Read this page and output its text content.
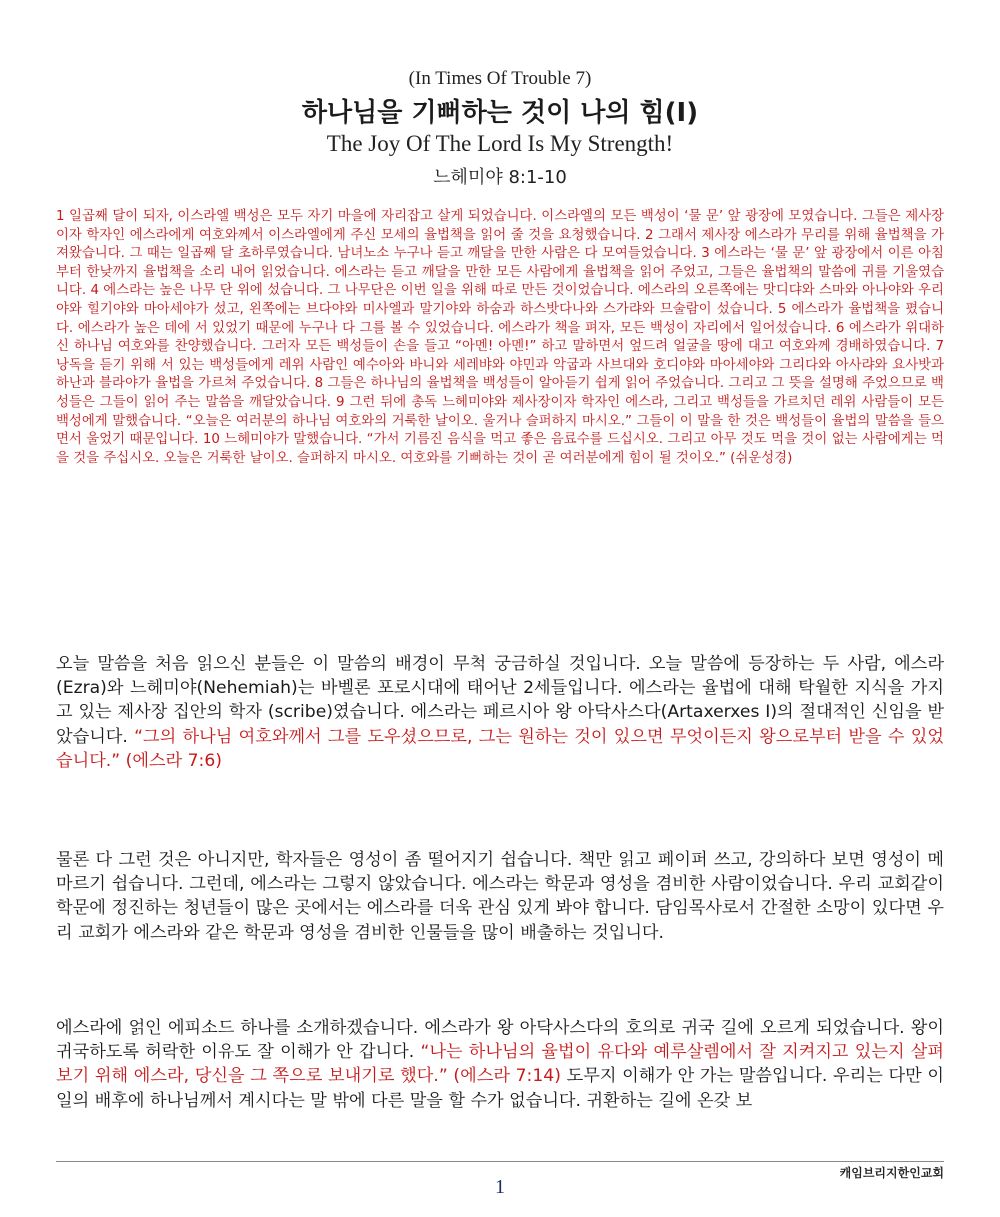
(In Times Of Trouble 7)
하나님을 기뻐하는 것이 나의 힘(I)
The Joy Of The Lord Is My Strength!
느헤미야 8:1-10
1 일곱째 달이 되자, 이스라엘 백성은 모두 자기 마을에 자리잡고 살게 되었습니다. 이스라엘의 모든 백성이 ‘물 문’ 앞 광장에 모였습니다. 그들은 제사장이자 학자인 에스라에게 여호와께서 이스라엘에게 주신 모세의 율법책을 읽어 줄 것을 요청했습니다. 2 그래서 제사장 에스라가 무리를 위해 율법책을 가져왔습니다. 그 때는 일곱째 달 초하루였습니다. 남녀노소 누구나 듣고 깨달을 만한 사람은 다 모여들었습니다. 3 에스라는 ‘물 문’ 앞 광장에서 이른 아침부터 한낮까지 율법책을 소리 내어 읽었습니다. 에스라는 듣고 깨달을 만한 모든 사람에게 율법책을 읽어 주었고, 그들은 율법책의 말씀에 귀를 기울였습니다. 4 에스라는 높은 나무 단 위에 섰습니다. 그 나무단은 이번 일을 위해 따로 만든 것이었습니다. 에스라의 오른쪽에는 맛디댜와 스마와 아나야와 우리야와 힐기야와 마아세야가 섰고, 왼쪽에는 브다야와 미사엘과 말기야와 하숨과 하스밧다나와 스가랴와 므술람이 섰습니다. 5 에스라가 율법책을 폈습니다. 에스라가 높은 데에 서 있었기 때문에 누구나 다 그를 볼 수 있었습니다. 에스라가 책을 펴자, 모든 백성이 자리에서 일어섰습니다. 6 에스라가 위대하신 하나님 여호와를 찬양했습니다. 그러자 모든 백성들이 손을 들고 “아멘! 아멘!” 하고 말하면서 엎드려 얼굴을 땅에 대고 여호와께 경배하였습니다. 7 낭독을 듣기 위해 서 있는 백성들에게 레위 사람인 예수아와 바니와 세레뱌와 야민과 악굽과 사브대와 호디야와 마아세야와 그리다와 아사랴와 요사밧과 하난과 블라야가 율법을 가르쳐 주었습니다. 8 그들은 하나님의 율법책을 백성들이 알아듣기 쉽게 읽어 주었습니다. 그리고 그 뜻을 설명해 주었으므로 백성들은 그들이 읽어 주는 말씀을 깨달았습니다. 9 그런 뒤에 총독 느헤미야와 제사장이자 학자인 에스라, 그리고 백성들을 가르치던 레위 사람들이 모든 백성에게 말했습니다. “오늘은 여러분의 하나님 여호와의 거룩한 날이오. 울거나 슬퍼하지 마시오.” 그들이 이 말을 한 것은 백성들이 율법의 말씀을 들으면서 울었기 때문입니다. 10 느헤미야가 말했습니다. “가서 기름진 음식을 먹고 좋은 음료수를 드십시오. 그리고 아무 것도 먹을 것이 없는 사람에게는 먹을 것을 주십시오. 오늘은 거룩한 날이오. 슬퍼하지 마시오. 여호와를 기뻐하는 것이 곧 여러분에게 힘이 될 것이오.” (쉬운성경)
오늘 말씀을 처음 읽으신 분들은 이 말씀의 배경이 무척 궁금하실 것입니다. 오늘 말씀에 등장하는 두 사람, 에스라(Ezra)와 느헤미야(Nehemiah)는 바벨론 포로시대에 태어난 2세들입니다. 에스라는 율법에 대해 탁월한 지식을 가지고 있는 제사장 집안의 학자 (scribe)였습니다. 에스라는 페르시아 왕 아닥사스다(Artaxerxes I)의 절대적인 신임을 받았습니다. “그의 하나님 여호와께서 그를 도우셨으므로, 그는 원하는 것이 있으면 무엇이든지 왕으로부터 받을 수 있었습니다.” (에스라 7:6)
물론 다 그런 것은 아니지만, 학자들은 영성이 좀 떨어지기 쉽습니다. 책만 읽고 페이퍼 쓰고, 강의하다 보면 영성이 메마르기 쉽습니다. 그런데, 에스라는 그렇지 않았습니다. 에스라는 학문과 영성을 겸비한 사람이었습니다. 우리 교회같이 학문에 정진하는 청년들이 많은 곳에서는 에스라를 더욱 관심 있게 봐야 합니다. 담임목사로서 간절한 소망이 있다면 우리 교회가 에스라와 같은 학문과 영성을 겸비한 인물들을 많이 배출하는 것입니다.
에스라에 얽인 에피소드 하나를 소개하겠습니다. 에스라가 왕 아닥사스다의 호의로 귀국 길에 오르게 되었습니다. 왕이 귀국하도록 허락한 이유도 잘 이해가 안 갑니다. “나는 하나님의 율법이 유다와 예루살렘에서 잘 지켜지고 있는지 살펴보기 위해 에스라, 당신을 그 쪽으로 보내기로 했다.” (에스라 7:14) 도무지 이해가 안 가는 말씀입니다. 우리는 다만 이 일의 배후에 하나님께서 계시다는 말 밖에 다른 말을 할 수가 없습니다. 귀환하는 길에 온갖 보
캐임브리지한인교회
1
